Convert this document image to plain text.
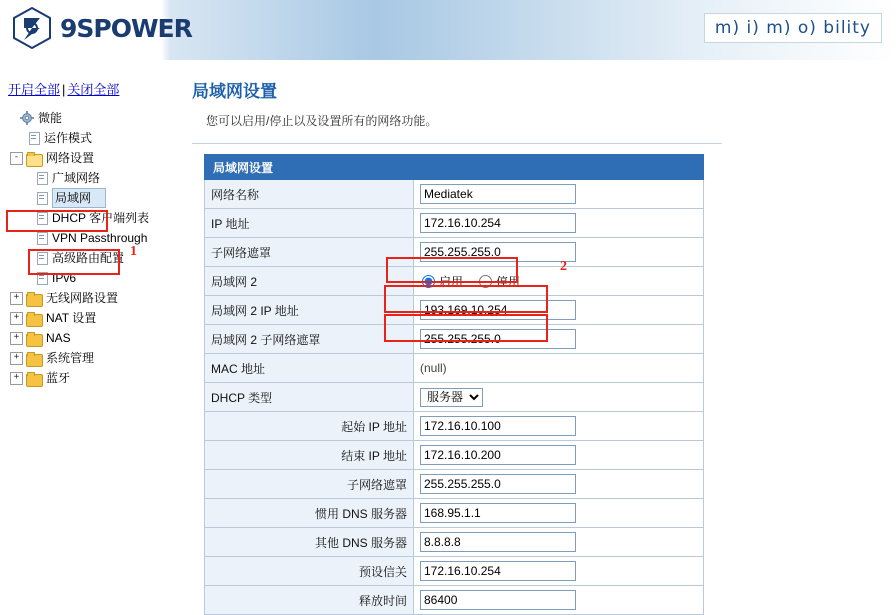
9SPOWER	m) i) m) o) bility
开启全部 | 关闭全部
微能
运作模式
-	网络设置
广域网络
局域网
DHCP 客户端列表
VPN Passthrough
高级路由配置
IPv6
+	无线网路设置
+	NAT 设置
+	NAS
+	系统管理
+	蓝牙
1
局域网设置
您可以启用/停止以及设置所有的网络功能。
局域网设置	
网络名称	Mediatek
IP 地址	172.16.10.254
子网络遮罩	255.255.255.0
局域网 2	启用 停用

局域网 2 IP 地址	193.169.10.254
局域网 2 子网络遮罩	255.255.255.0
MAC 地址	(null)
DHCP 类型	
服务器
起始 IP 地址	172.16.10.100
结束 IP 地址	172.16.10.200
子网络遮罩	255.255.255.0
惯用 DNS 服务器	168.95.1.1
其他 DNS 服务器	8.8.8.8
预设信关	172.16.10.254
释放时间	86400
2
